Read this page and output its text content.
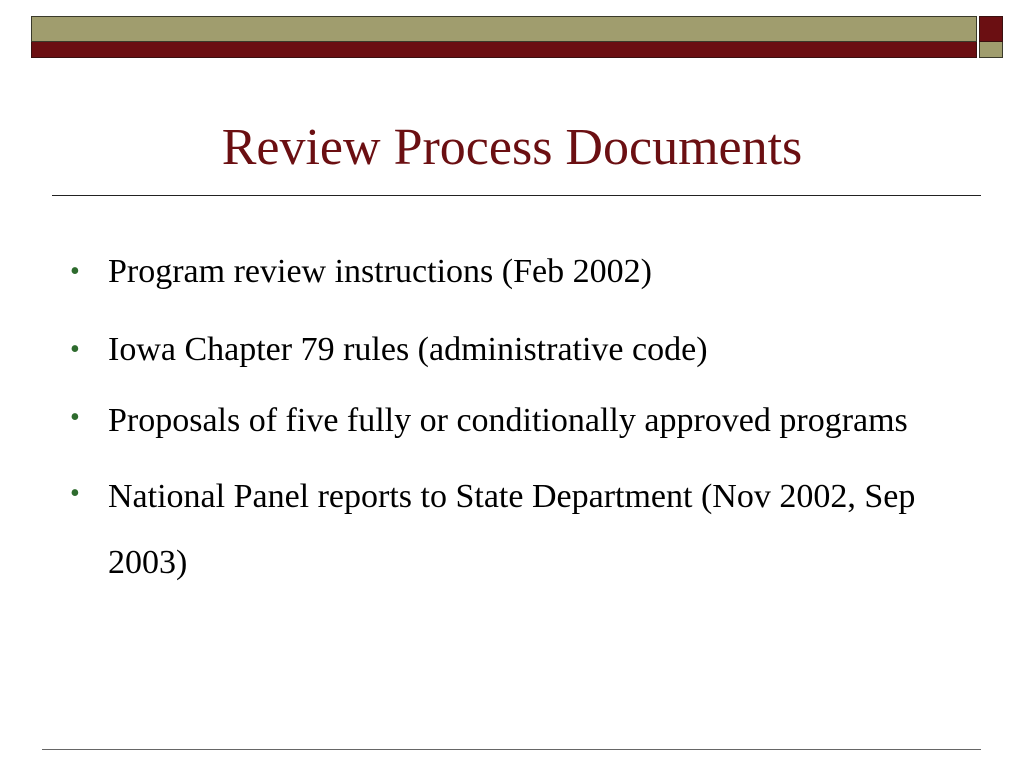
Review Process Documents
• Program review instructions (Feb 2002)
• Iowa Chapter 79 rules (administrative code)
• Proposals of five fully or conditionally approved programs
• National Panel reports to State Department (Nov 2002, Sep 2003)
